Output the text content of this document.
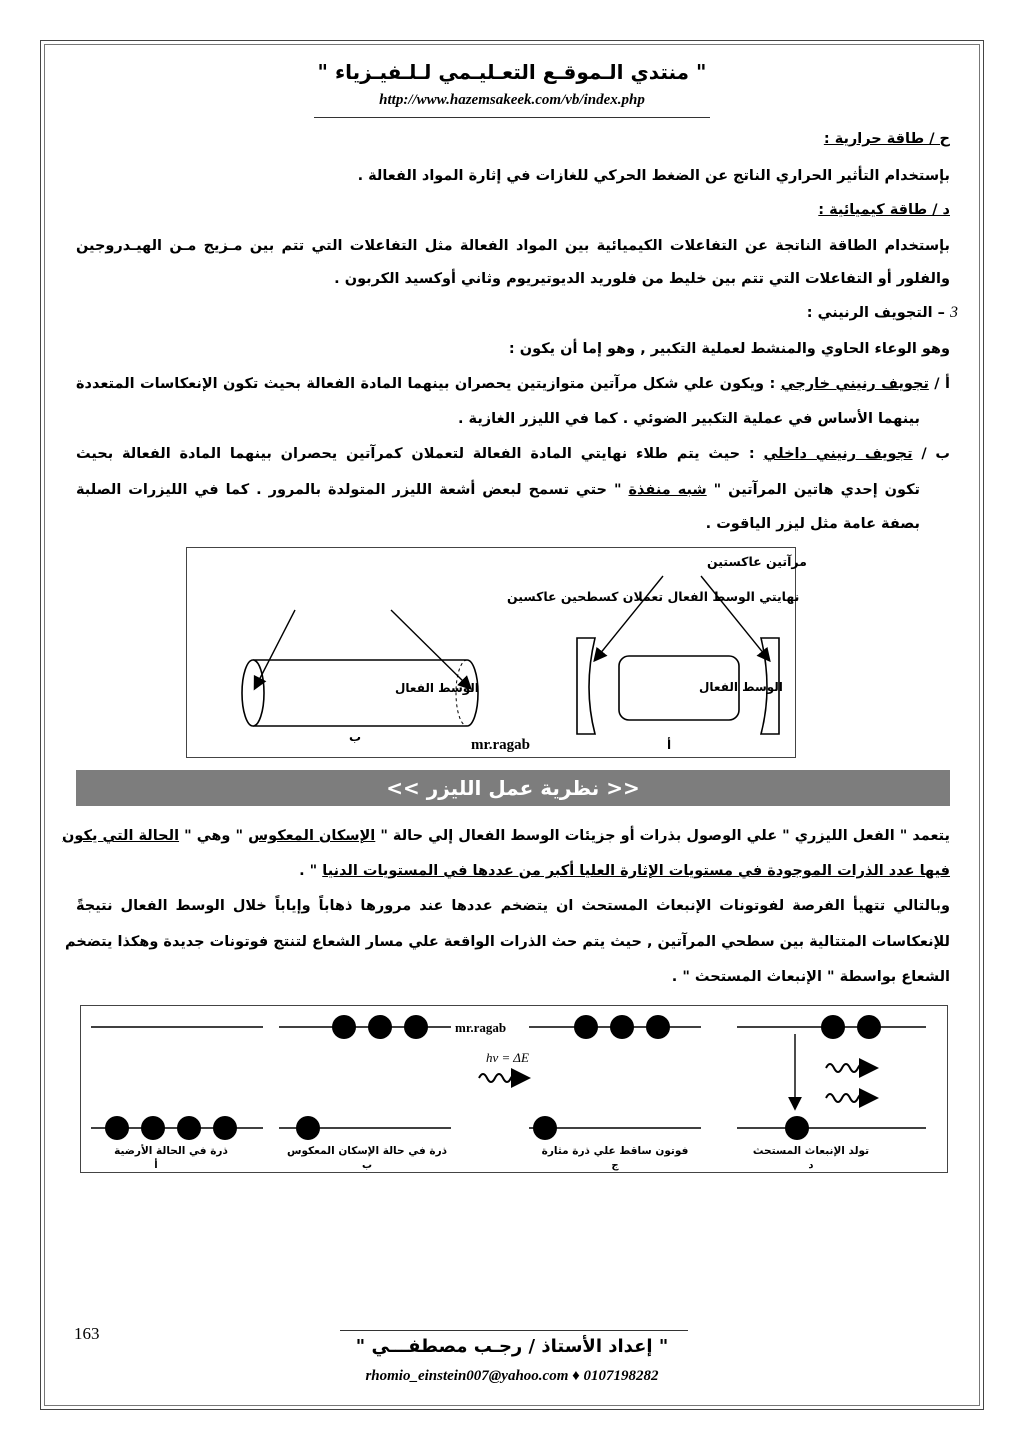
" منتدي الـموقـع التعـليـمي لـلـفيـزياء "
http://www.hazemsakeek.com/vb/index.php
ح / طاقة حرارية :
بإستخدام التأثير الحراري الناتج عن الضغط الحركي للغازات في إثارة المواد الفعالة .
د / طاقة كيميائية :
بإستخدام الطاقة الناتجة عن التفاعلات الكيميائية بين المواد الفعالة مثل التفاعلات التي تتم بين مـزيج مـن الهيـدروجين
والفلور أو التفاعلات التي تتم بين خليط من فلوريد الديوتيريوم وثاني أوكسيد الكربون .
3 – التجويف الرنيني :
وهو الوعاء الحاوي والمنشط لعملية التكبير , وهو إما أن يكون :
أ / تجويف رنيني خارجي : ويكون علي شكل مرآتين متوازيتين يحصران بينهما المادة الفعالة بحيث تكون الإنعكاسات المتعددة
بينهما الأساس في عملية التكبير الضوئي . كما في الليزر الغازية .
ب / تجويف رنيني داخلي : حيث يتم طلاء نهايتي المادة الفعالة لتعملان كمرآتين يحصران بينهما المادة الفعالة بحيث
تكون إحدي هاتين المرآتين " شبه منفذة " حتي تسمح لبعض أشعة الليزر المتولدة بالمرور . كما في الليزرات الصلبة
بصفة عامة مثل ليزر الياقوت .
نهايتي الوسط الفعال تعملان كسطحين عاكسين
الوسط الفعال
ب
مرآتين عاكستين
الوسط الفعال
mr.ragab	أ
<< نظرية عمل الليزر >>
يتعمد " الفعل الليزري " علي الوصول بذرات أو جزيئات الوسط الفعال إلي حالة " الإسكان المعكوس " وهي " الحالة التي يكون
فيها عدد الذرات الموجودة في مستويات الإثارة العليا أكبر من عددها في المستويات الدنيا " .
وبالتالي تتهيأ الفرصة لفوتونات الإنبعاث المستحث ان يتضخم عددها عند مرورها ذهاباً وإياباً خلال الوسط الفعال نتيجةً
للإنعكاسات المتتالية بين سطحي المرآتين , حيث يتم حث الذرات الواقعة علي مسار الشعاع لتنتج فوتونات جديدة وهكذا يتضخم
الشعاع بواسطة " الإنبعاث المستحث " .
hν = ΔE
mr.ragab
ذرة في الحالة الأرضية
أ
ذرة في حالة الإسكان المعكوس
ب
فوتون ساقط علي ذرة مثارة
ج
تولد الإنبعاث المستحث
د
163
" إعداد الأستاذ / رجـب مصطفـــي "
rhomio_einstein007@yahoo.com ♦ 0107198282
